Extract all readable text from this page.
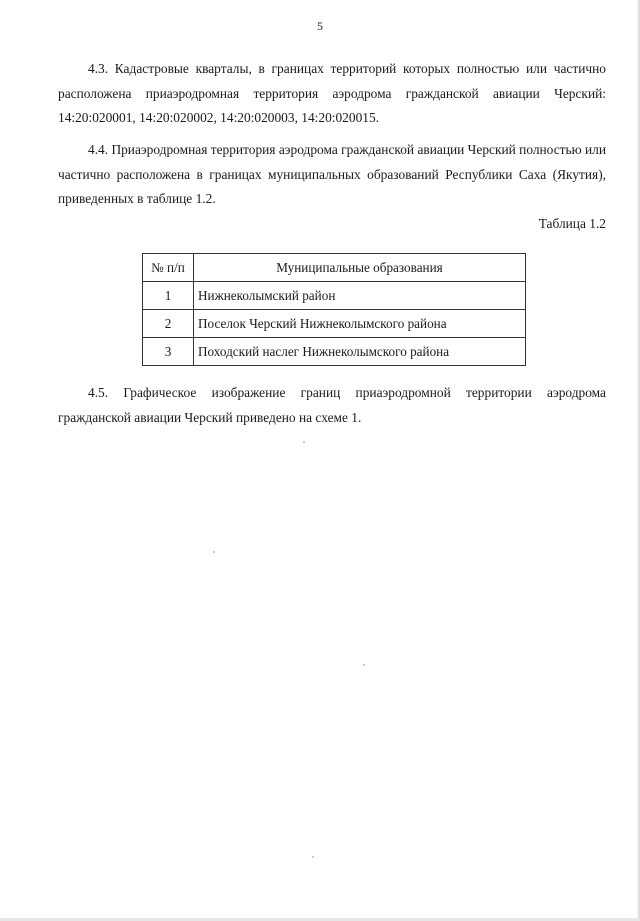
5

4.3. Кадастровые кварталы, в границах территорий которых полностью или частично расположена приаэродромная территория аэродрома гражданской авиации Черский: 14:20:020001, 14:20:020002, 14:20:020003, 14:20:020015.

4.4. Приаэродромная территория аэродрома гражданской авиации Черский полностью или частично расположена в границах муниципальных образований Республики Саха (Якутия), приведенных в таблице 1.2.

Таблица 1.2
№ п/п	Муниципальные образования
1	Нижнеколымский район
2	Поселок Черский Нижнеколымского района
3	Походский наслег Нижнеколымского района

4.5. Графическое изображение границ приаэродромной территории аэродрома гражданской авиации Черский приведено на схеме 1.
